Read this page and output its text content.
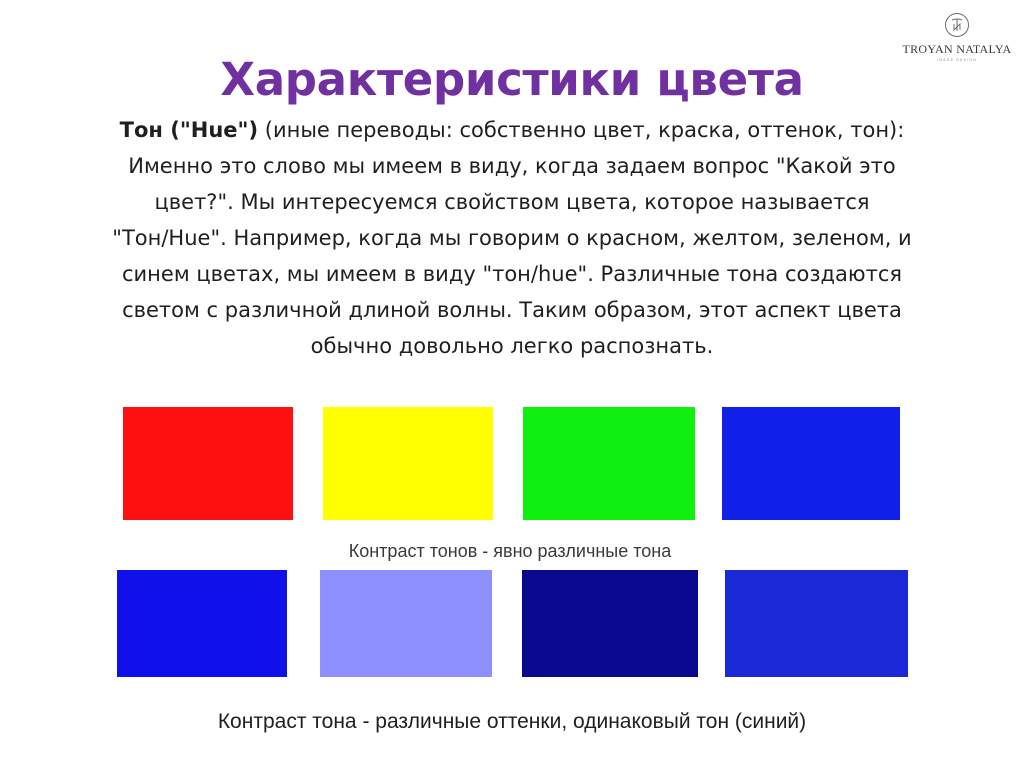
TROYAN NATALYA
IMAGE DESIGN
Характеристики цвета
Тон ("Hue") (иные переводы: собственно цвет, краска, оттенок, тон):
Именно это слово мы имеем в виду, когда задаем вопрос "Какой это
цвет?". Мы интересуемся свойством цвета, которое называется
"Тон/Hue". Например, когда мы говорим о красном, желтом, зеленом, и
синем цветах, мы имеем в виду "тон/hue". Различные тона создаются
светом с различной длиной волны. Таким образом, этот аспект цвета
обычно довольно легко распознать.
Контраст тонов - явно различные тона
Контраст тона - различные оттенки, одинаковый тон (синий)
